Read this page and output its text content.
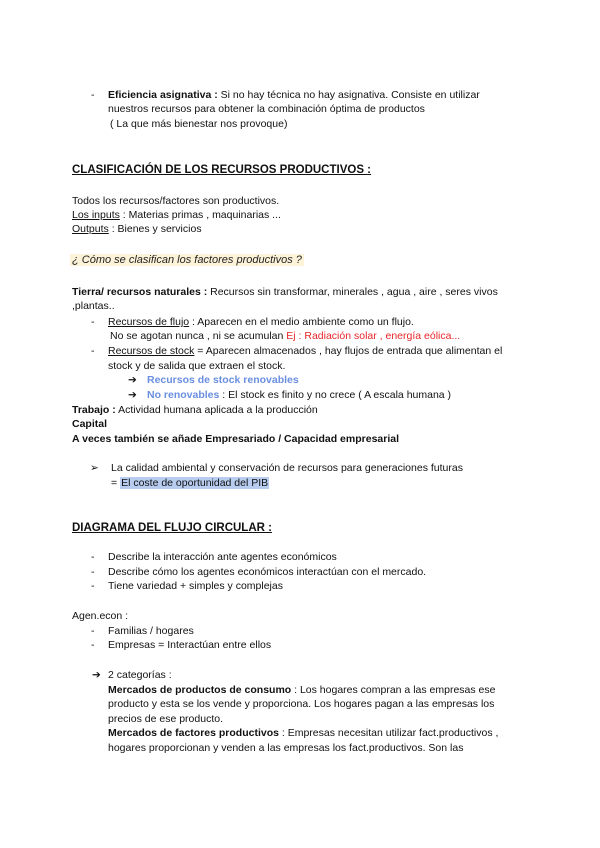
- Eficiencia asignativa : Si no hay técnica no hay asignativa. Consiste en utilizar
nuestros recursos para obtener la combinación óptima de productos
( La que más bienestar nos provoque)
CLASIFICACIÓN DE LOS RECURSOS PRODUCTIVOS :
Todos los recursos/factores son productivos.
Los inputs : Materias primas , maquinarias ...
Outputs : Bienes y servicios
¿ Cómo se clasifican los factores productivos ?
Tierra/ recursos naturales : Recursos sin transformar, minerales , agua , aire , seres vivos
,plantas..
- Recursos de flujo : Aparecen en el medio ambiente como un flujo.
No se agotan nunca , ni se acumulan Ej : Radiación solar , energía eólica...
- Recursos de stock = Aparecen almacenados , hay flujos de entrada que alimentan el
stock y de salida que extraen el stock.
➔ Recursos de stock renovables
➔ No renovables : El stock es finito y no crece ( A escala humana )
Trabajo : Actividad humana aplicada a la producción
Capital
A veces también se añade Empresariado / Capacidad empresarial
➢ La calidad ambiental y conservación de recursos para generaciones futuras
= El coste de oportunidad del PIB
DIAGRAMA DEL FLUJO CIRCULAR :
- Describe la interacción ante agentes económicos
- Describe cómo los agentes económicos interactúan con el mercado.
- Tiene variedad + simples y complejas
Agen.econ :
- Familias / hogares
- Empresas = Interactúan entre ellos
➔ 2 categorías :
Mercados de productos de consumo : Los hogares compran a las empresas ese
producto y esta se los vende y proporciona. Los hogares pagan a las empresas los
precios de ese producto.
Mercados de factores productivos : Empresas necesitan utilizar fact.productivos ,
hogares proporcionan y venden a las empresas los fact.productivos. Son las
